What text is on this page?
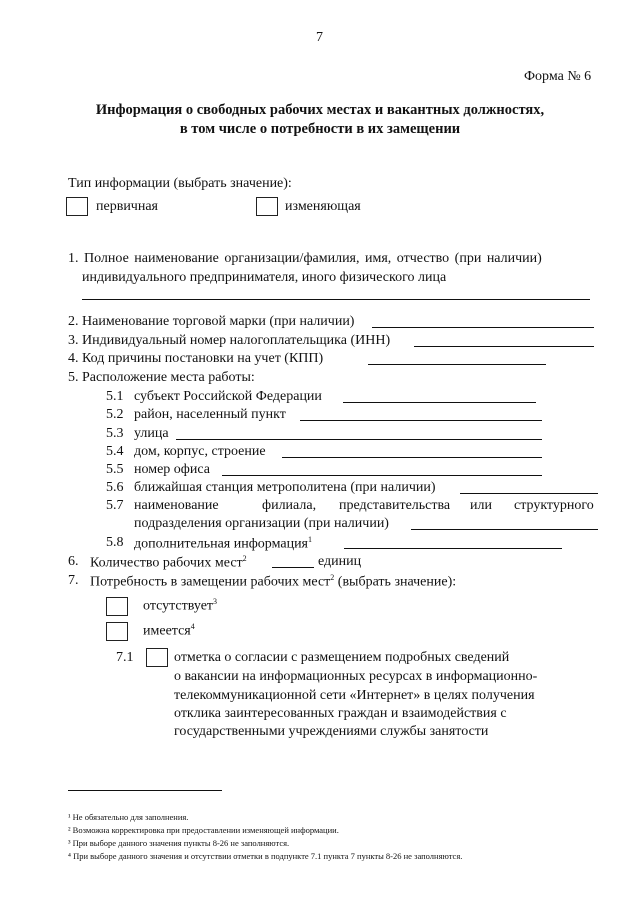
7
Форма № 6
Информация о свободных рабочих местах и вакантных должностях,
в том числе о потребности в их замещении
Тип информации (выбрать значение):
первичная	изменяющая
1. Полное наименование организации/фамилия, имя, отчество (при наличии)
индивидуального предпринимателя, иного физического лица
2. Наименование торговой марки (при наличии)
3. Индивидуальный номер налогоплательщика (ИНН)
4. Код причины постановки на учет (КПП)
5. Расположение места работы:
5.1 субъект Российской Федерации
5.2 район, населенный пункт
5.3 улица
5.4 дом, корпус, строение
5.5 номер офиса
5.6 ближайшая станция метрополитена (при наличии)
5.7 наименование	филиала, представительства или структурного
подразделения организации (при наличии)
5.8 дополнительная информация$^1$
6. Количество рабочих мест$^2$	единиц
7. Потребность в замещении рабочих мест$^2$ (выбрать значение):
отсутствует$^3$
имеется$^4$
7.1	отметка о согласии с размещением подробных сведений
о вакансии на информационных ресурсах в информационно-
телекоммуникационной сети «Интернет» в целях получения
отклика заинтересованных граждан и взаимодействия с
государственными учреждениями службы занятости
¹ Не обязательно для заполнения.
² Возможна корректировка при предоставлении изменяющей информации.
³ При выборе данного значения пункты 8-26 не заполняются.
⁴ При выборе данного значения и отсутствии отметки в подпункте 7.1 пункта 7 пункты 8-26 не заполняются.
